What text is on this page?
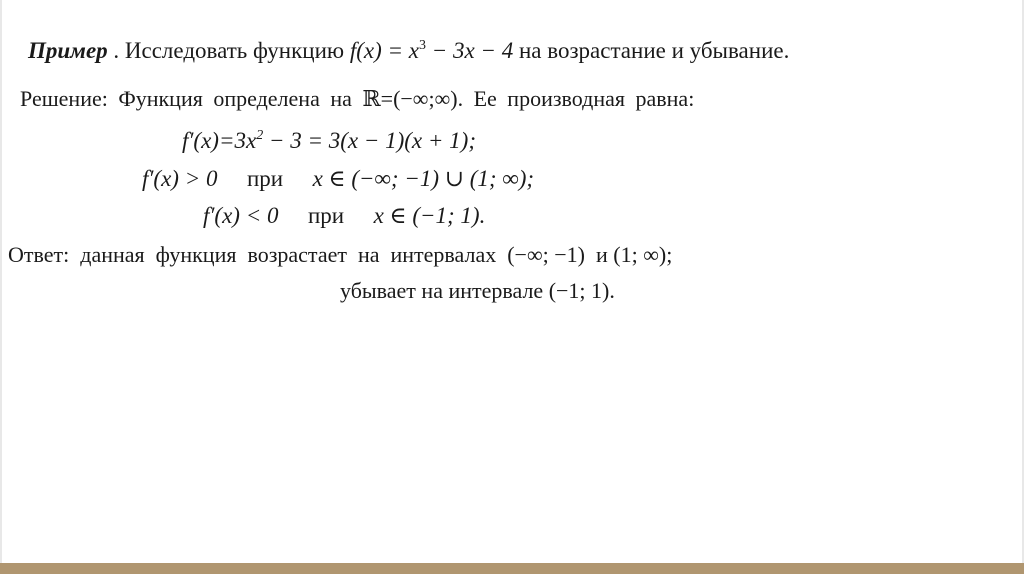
Пример . Исследовать функцию $f(x) = x^3 - 3x - 4$ на возрастание и убывание.
Решение: Функция определена на ℝ=(−∞;∞). Ее производная равна:
$f'(x)=3x^2 - 3 = 3(x - 1)(x + 1)$;
f′(x) > 0 при x ∈ (−∞; −1) ∪ (1; ∞);
f′(x) < 0 при x ∈ (−1; 1).
Ответ:  данная  функция  возрастает  на  интервалах  (−∞; −1)  и (1; ∞);
убывает на интервале (−1; 1).
